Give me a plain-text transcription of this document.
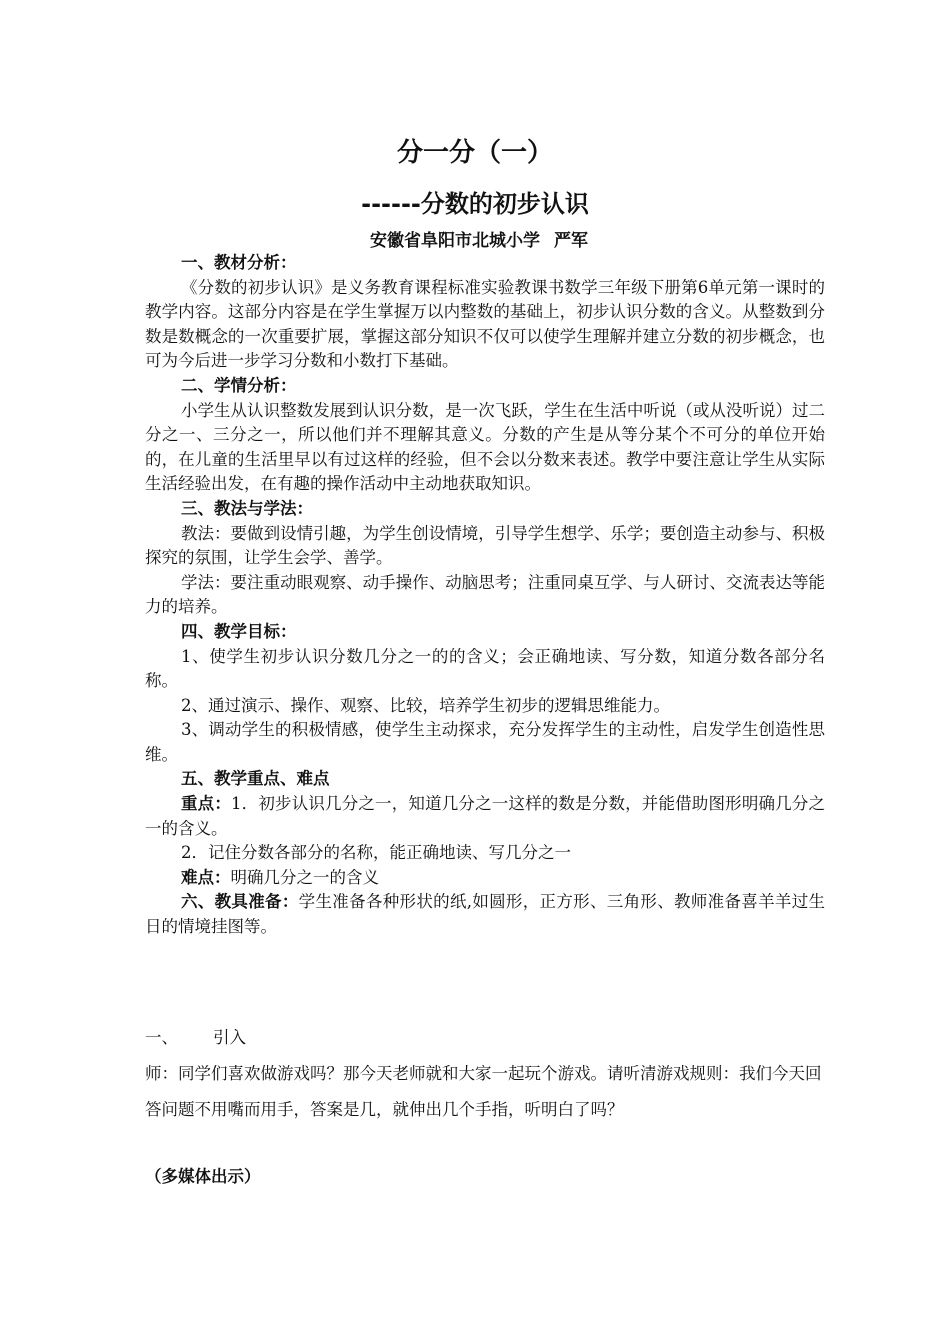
分一分（一）
------分数的初步认识
安徽省阜阳市北城小学 严军

一、教材分析：

《分数的初步认识》是义务教育课程标准实验教课书数学三年级下册第6单元第一课时的教学内容。这部分内容是在学生掌握万以内整数的基础上，初步认识分数的含义。从整数到分数是数概念的一次重要扩展，掌握这部分知识不仅可以使学生理解并建立分数的初步概念，也可为今后进一步学习分数和小数打下基础。

二、学情分析：

小学生从认识整数发展到认识分数，是一次飞跃，学生在生活中听说（或从没听说）过二分之一、三分之一，所以他们并不理解其意义。分数的产生是从等分某个不可分的单位开始的，在儿童的生活里早以有过这样的经验，但不会以分数来表述。教学中要注意让学生从实际生活经验出发，在有趣的操作活动中主动地获取知识。

三、教法与学法：

教法：要做到设情引趣，为学生创设情境，引导学生想学、乐学；要创造主动参与、积极探究的氛围，让学生会学、善学。

学法：要注重动眼观察、动手操作、动脑思考；注重同桌互学、与人研讨、交流表达等能力的培养。

四、教学目标：

1、使学生初步认识分数几分之一的的含义；会正确地读、写分数，知道分数各部分名称。

2、通过演示、操作、观察、比较，培养学生初步的逻辑思维能力。

3、调动学生的积极情感，使学生主动探求，充分发挥学生的主动性，启发学生创造性思维。

五、教学重点、难点

重点：1．初步认识几分之一，知道几分之一这样的数是分数，并能借助图形明确几分之一的含义。

2．记住分数各部分的名称，能正确地读、写几分之一

难点：明确几分之一的含义

六、教具准备：学生准备各种形状的纸,如圆形，正方形、三角形、教师准备喜羊羊过生日的情境挂图等。

一、	引入

师：同学们喜欢做游戏吗？那今天老师就和大家一起玩个游戏。请听清游戏规则：我们今天回答问题不用嘴而用手，答案是几，就伸出几个手指，听明白了吗？

（多媒体出示）
